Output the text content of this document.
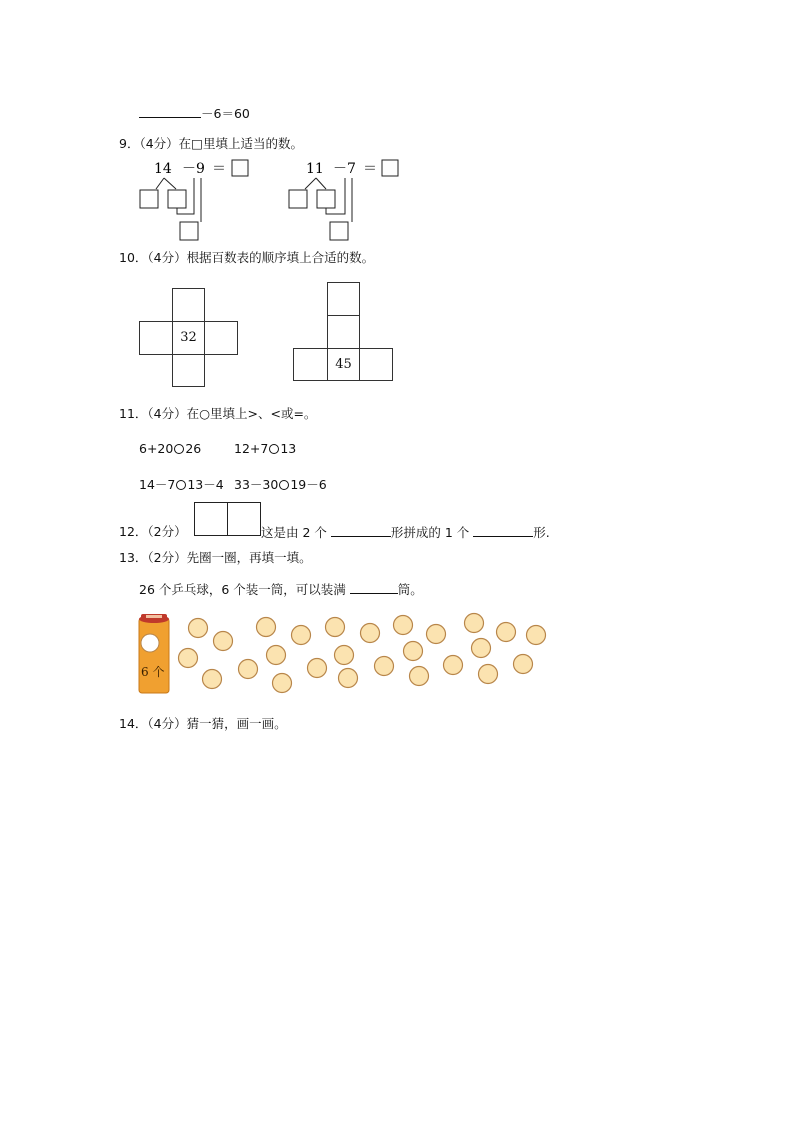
－6＝60
9．（4分）在□里填上适当的数。
14 － 9 ＝	11 － 7 ＝
10．（4分）根据百数表的顺序填上合适的数。
32
45
11．（4分）在○里填上>、<或=。
6+20 26	12+7 13
14－7 13－4 33－30 19－6
12．（2分）	这是由 2 个	形拼成的 1 个	形.
13．（2分）先圈一圈，再填一填。
26 个乒乓球，6 个装一筒，可以装满	筒。
6 个
14．（4分）猜一猜，画一画。
